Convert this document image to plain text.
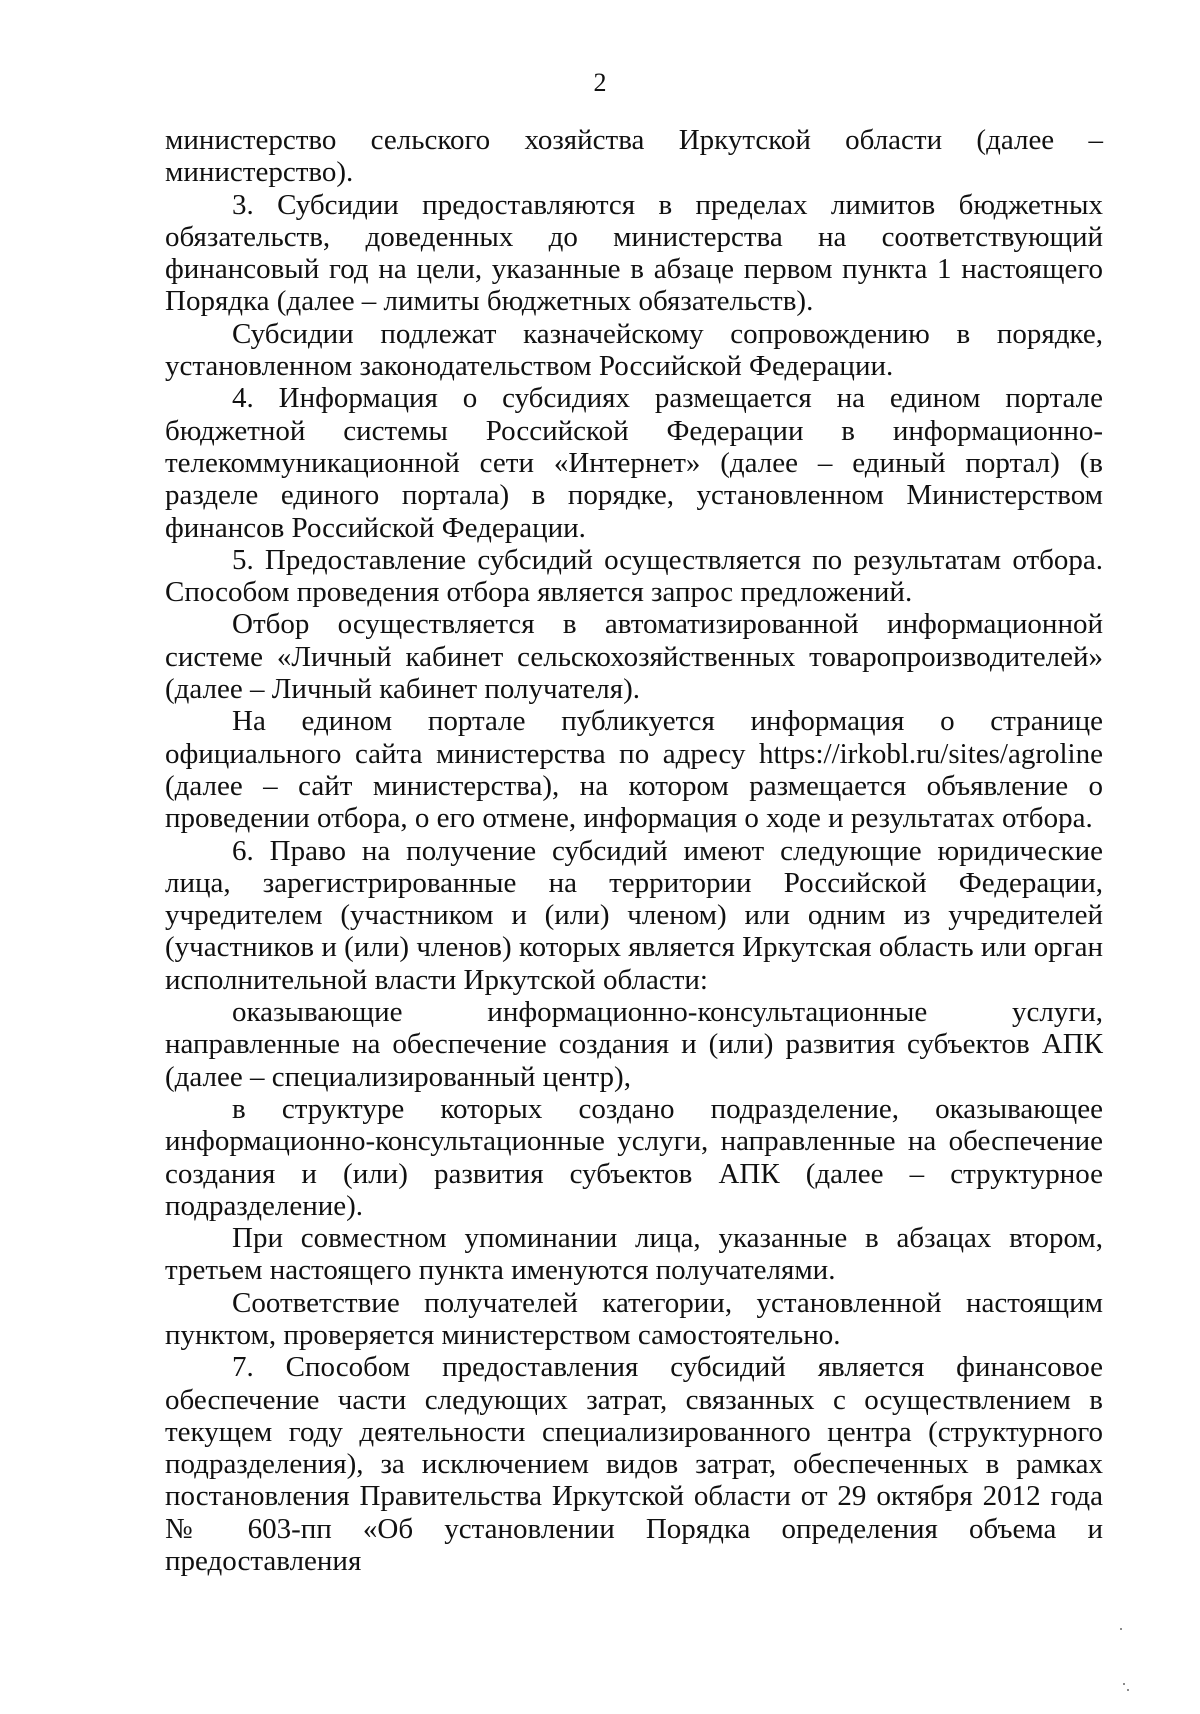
2

министерство сельского хозяйства Иркутской области (далее – министерство).

3. Субсидии предоставляются в пределах лимитов бюджетных обязательств, доведенных до министерства на соответствующий финансовый год на цели, указанные в абзаце первом пункта 1 настоящего Порядка (далее – лимиты бюджетных обязательств).

Субсидии подлежат казначейскому сопровождению в порядке, установленном законодательством Российской Федерации.

4. Информация о субсидиях размещается на едином портале бюджетной системы Российской Федерации в информационно-телекоммуникационной сети «Интернет» (далее – единый портал) (в разделе единого портала) в порядке, установленном Министерством финансов Российской Федерации.

5. Предоставление субсидий осуществляется по результатам отбора. Способом проведения отбора является запрос предложений.

Отбор осуществляется в автоматизированной информационной системе «Личный кабинет сельскохозяйственных товаропроизводителей» (далее – Личный кабинет получателя).

На едином портале публикуется информация о странице официального сайта министерства по адресу https://irkobl.ru/sites/agroline (далее – сайт министерства), на котором размещается объявление о проведении отбора, о его отмене, информация о ходе и результатах отбора.

6. Право на получение субсидий имеют следующие юридические лица, зарегистрированные на территории Российской Федерации, учредителем (участником и (или) членом) или одним из учредителей (участников и (или) членов) которых является Иркутская область или орган исполнительной власти Иркутской области:

оказывающие информационно-консультационные услуги, направленные на обеспечение создания и (или) развития субъектов АПК (далее – специализированный центр),

в структуре которых создано подразделение, оказывающее информационно-консультационные услуги, направленные на обеспечение создания и (или) развития субъектов АПК (далее – структурное подразделение).

При совместном упоминании лица, указанные в абзацах втором, третьем настоящего пункта именуются получателями.

Соответствие получателей категории, установленной настоящим пунктом, проверяется министерством самостоятельно.

7. Способом предоставления субсидий является финансовое обеспечение части следующих затрат, связанных с осуществлением в текущем году деятельности специализированного центра (структурного подразделения), за исключением видов затрат, обеспеченных в рамках постановления Правительства Иркутской области от 29 октября 2012 года № 603-пп «Об установлении Порядка определения объема и предоставления
